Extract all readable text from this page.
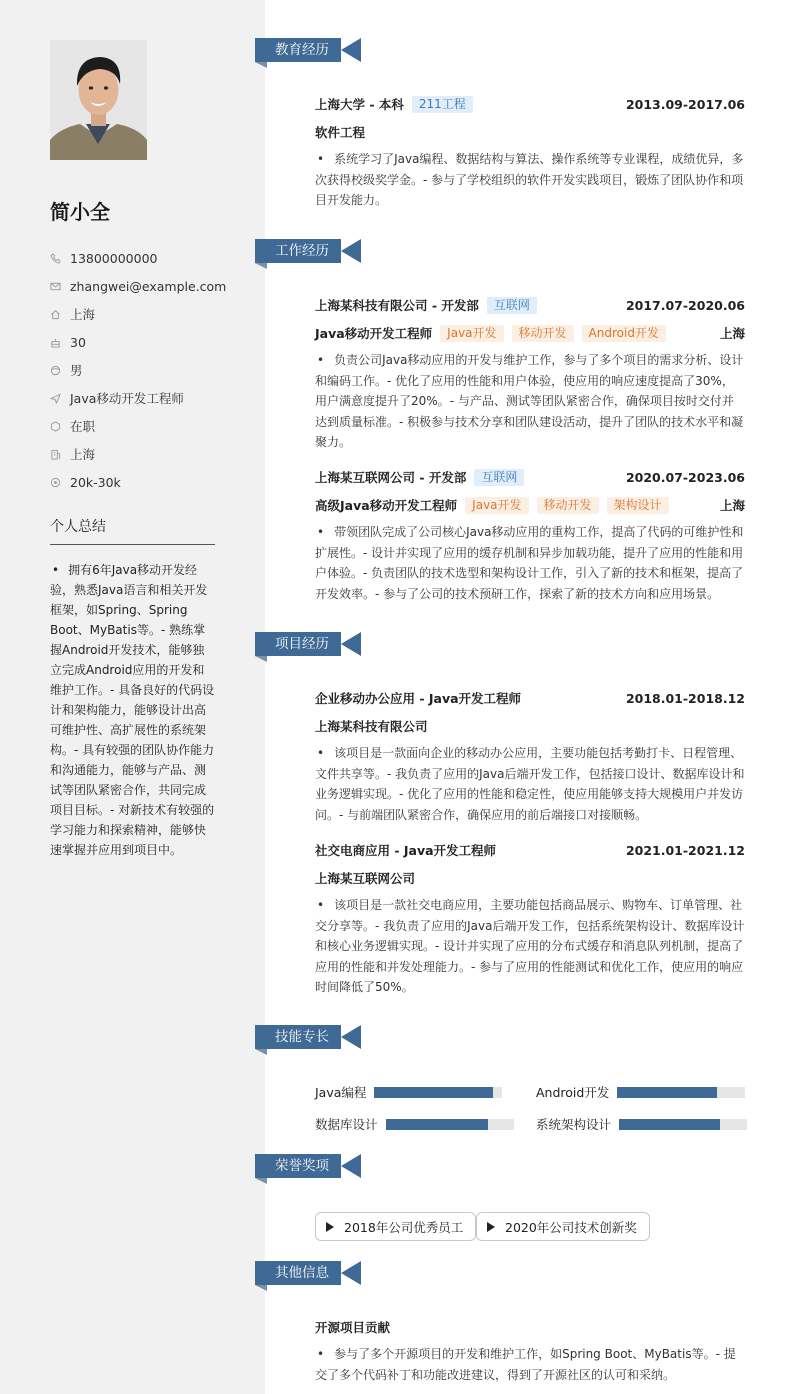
简小全
13800000000
zhangwei@example.com
上海
30
男
Java移动开发工程师
在职
上海
20k-30k
个人总结
• 拥有6年Java移动开发经验，熟悉Java语言和相关开发框架，如Spring、Spring Boot、MyBatis等。- 熟练掌握Android开发技术，能够独立完成Android应用的开发和维护工作。- 具备良好的代码设计和架构能力，能够设计出高可维护性、高扩展性的系统架构。- 具有较强的团队协作能力和沟通能力，能够与产品、测试等团队紧密合作，共同完成项目目标。- 对新技术有较强的学习能力和探索精神，能够快速掌握并应用到项目中。
教育经历
上海大学 - 本科	211工程	2013.09-2017.06
软件工程
• 系统学习了Java编程、数据结构与算法、操作系统等专业课程，成绩优异，多次获得校级奖学金。- 参与了学校组织的软件开发实践项目，锻炼了团队协作和项目开发能力。
工作经历
上海某科技有限公司 - 开发部	互联网	2017.07-2020.06
Java移动开发工程师	Java开发	移动开发	Android开发	上海
• 负责公司Java移动应用的开发与维护工作，参与了多个项目的需求分析、设计和编码工作。- 优化了应用的性能和用户体验，使应用的响应速度提高了30%，用户满意度提升了20%。- 与产品、测试等团队紧密合作，确保项目按时交付并达到质量标准。- 积极参与技术分享和团队建设活动，提升了团队的技术水平和凝聚力。
上海某互联网公司 - 开发部	互联网	2020.07-2023.06
高级Java移动开发工程师	Java开发	移动开发	架构设计	上海
• 带领团队完成了公司核心Java移动应用的重构工作，提高了代码的可维护性和扩展性。- 设计并实现了应用的缓存机制和异步加载功能，提升了应用的性能和用户体验。- 负责团队的技术选型和架构设计工作，引入了新的技术和框架，提高了开发效率。- 参与了公司的技术预研工作，探索了新的技术方向和应用场景。
项目经历
企业移动办公应用 - Java开发工程师	2018.01-2018.12
上海某科技有限公司
• 该项目是一款面向企业的移动办公应用，主要功能包括考勤打卡、日程管理、文件共享等。- 我负责了应用的Java后端开发工作，包括接口设计、数据库设计和业务逻辑实现。- 优化了应用的性能和稳定性，使应用能够支持大规模用户并发访问。- 与前端团队紧密合作，确保应用的前后端接口对接顺畅。
社交电商应用 - Java开发工程师	2021.01-2021.12
上海某互联网公司
• 该项目是一款社交电商应用，主要功能包括商品展示、购物车、订单管理、社交分享等。- 我负责了应用的Java后端开发工作，包括系统架构设计、数据库设计和核心业务逻辑实现。- 设计并实现了应用的分布式缓存和消息队列机制，提高了应用的性能和并发处理能力。- 参与了应用的性能测试和优化工作，使应用的响应时间降低了50%。
技能专长
Java编程	Android开发
数据库设计	系统架构设计
荣誉奖项
2018年公司优秀员工	2020年公司技术创新奖
其他信息
开源项目贡献
• 参与了多个开源项目的开发和维护工作，如Spring Boot、MyBatis等。- 提交了多个代码补丁和功能改进建议，得到了开源社区的认可和采纳。
